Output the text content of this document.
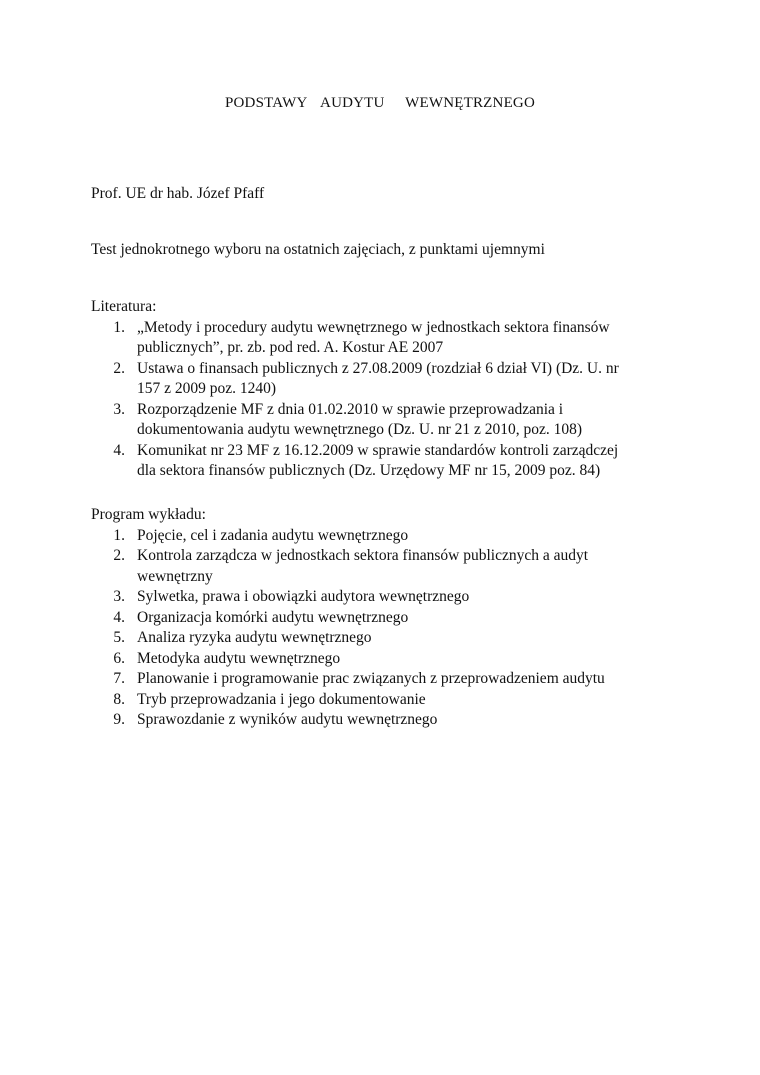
PODSTAWY  AUDYTU   WEWNĘTRZNEGO
Prof. UE dr hab. Józef Pfaff
Test jednokrotnego wyboru na ostatnich zajęciach, z punktami ujemnymi
Literatura:
1. „Metody i procedury audytu wewnętrznego w jednostkach sektora finansów publicznych”, pr. zb. pod red. A. Kostur AE 2007
2. Ustawa o finansach publicznych z 27.08.2009 (rozdział 6 dział VI) (Dz. U. nr 157 z 2009 poz. 1240)
3. Rozporządzenie MF z dnia 01.02.2010 w sprawie przeprowadzania i dokumentowania audytu wewnętrznego (Dz. U. nr 21 z 2010, poz. 108)
4. Komunikat nr 23 MF z 16.12.2009 w sprawie standardów kontroli zarządczej dla sektora finansów publicznych (Dz. Urzędowy MF nr 15, 2009 poz. 84)
Program wykładu:
1. Pojęcie, cel i zadania audytu wewnętrznego
2. Kontrola zarządcza w jednostkach sektora finansów publicznych a audyt wewnętrzny
3. Sylwetka, prawa i obowiązki audytora wewnętrznego
4. Organizacja komórki audytu wewnętrznego
5. Analiza ryzyka audytu wewnętrznego
6. Metodyka audytu wewnętrznego
7. Planowanie i programowanie prac związanych z przeprowadzeniem audytu
8. Tryb przeprowadzania i jego dokumentowanie
9. Sprawozdanie z wyników audytu wewnętrznego
